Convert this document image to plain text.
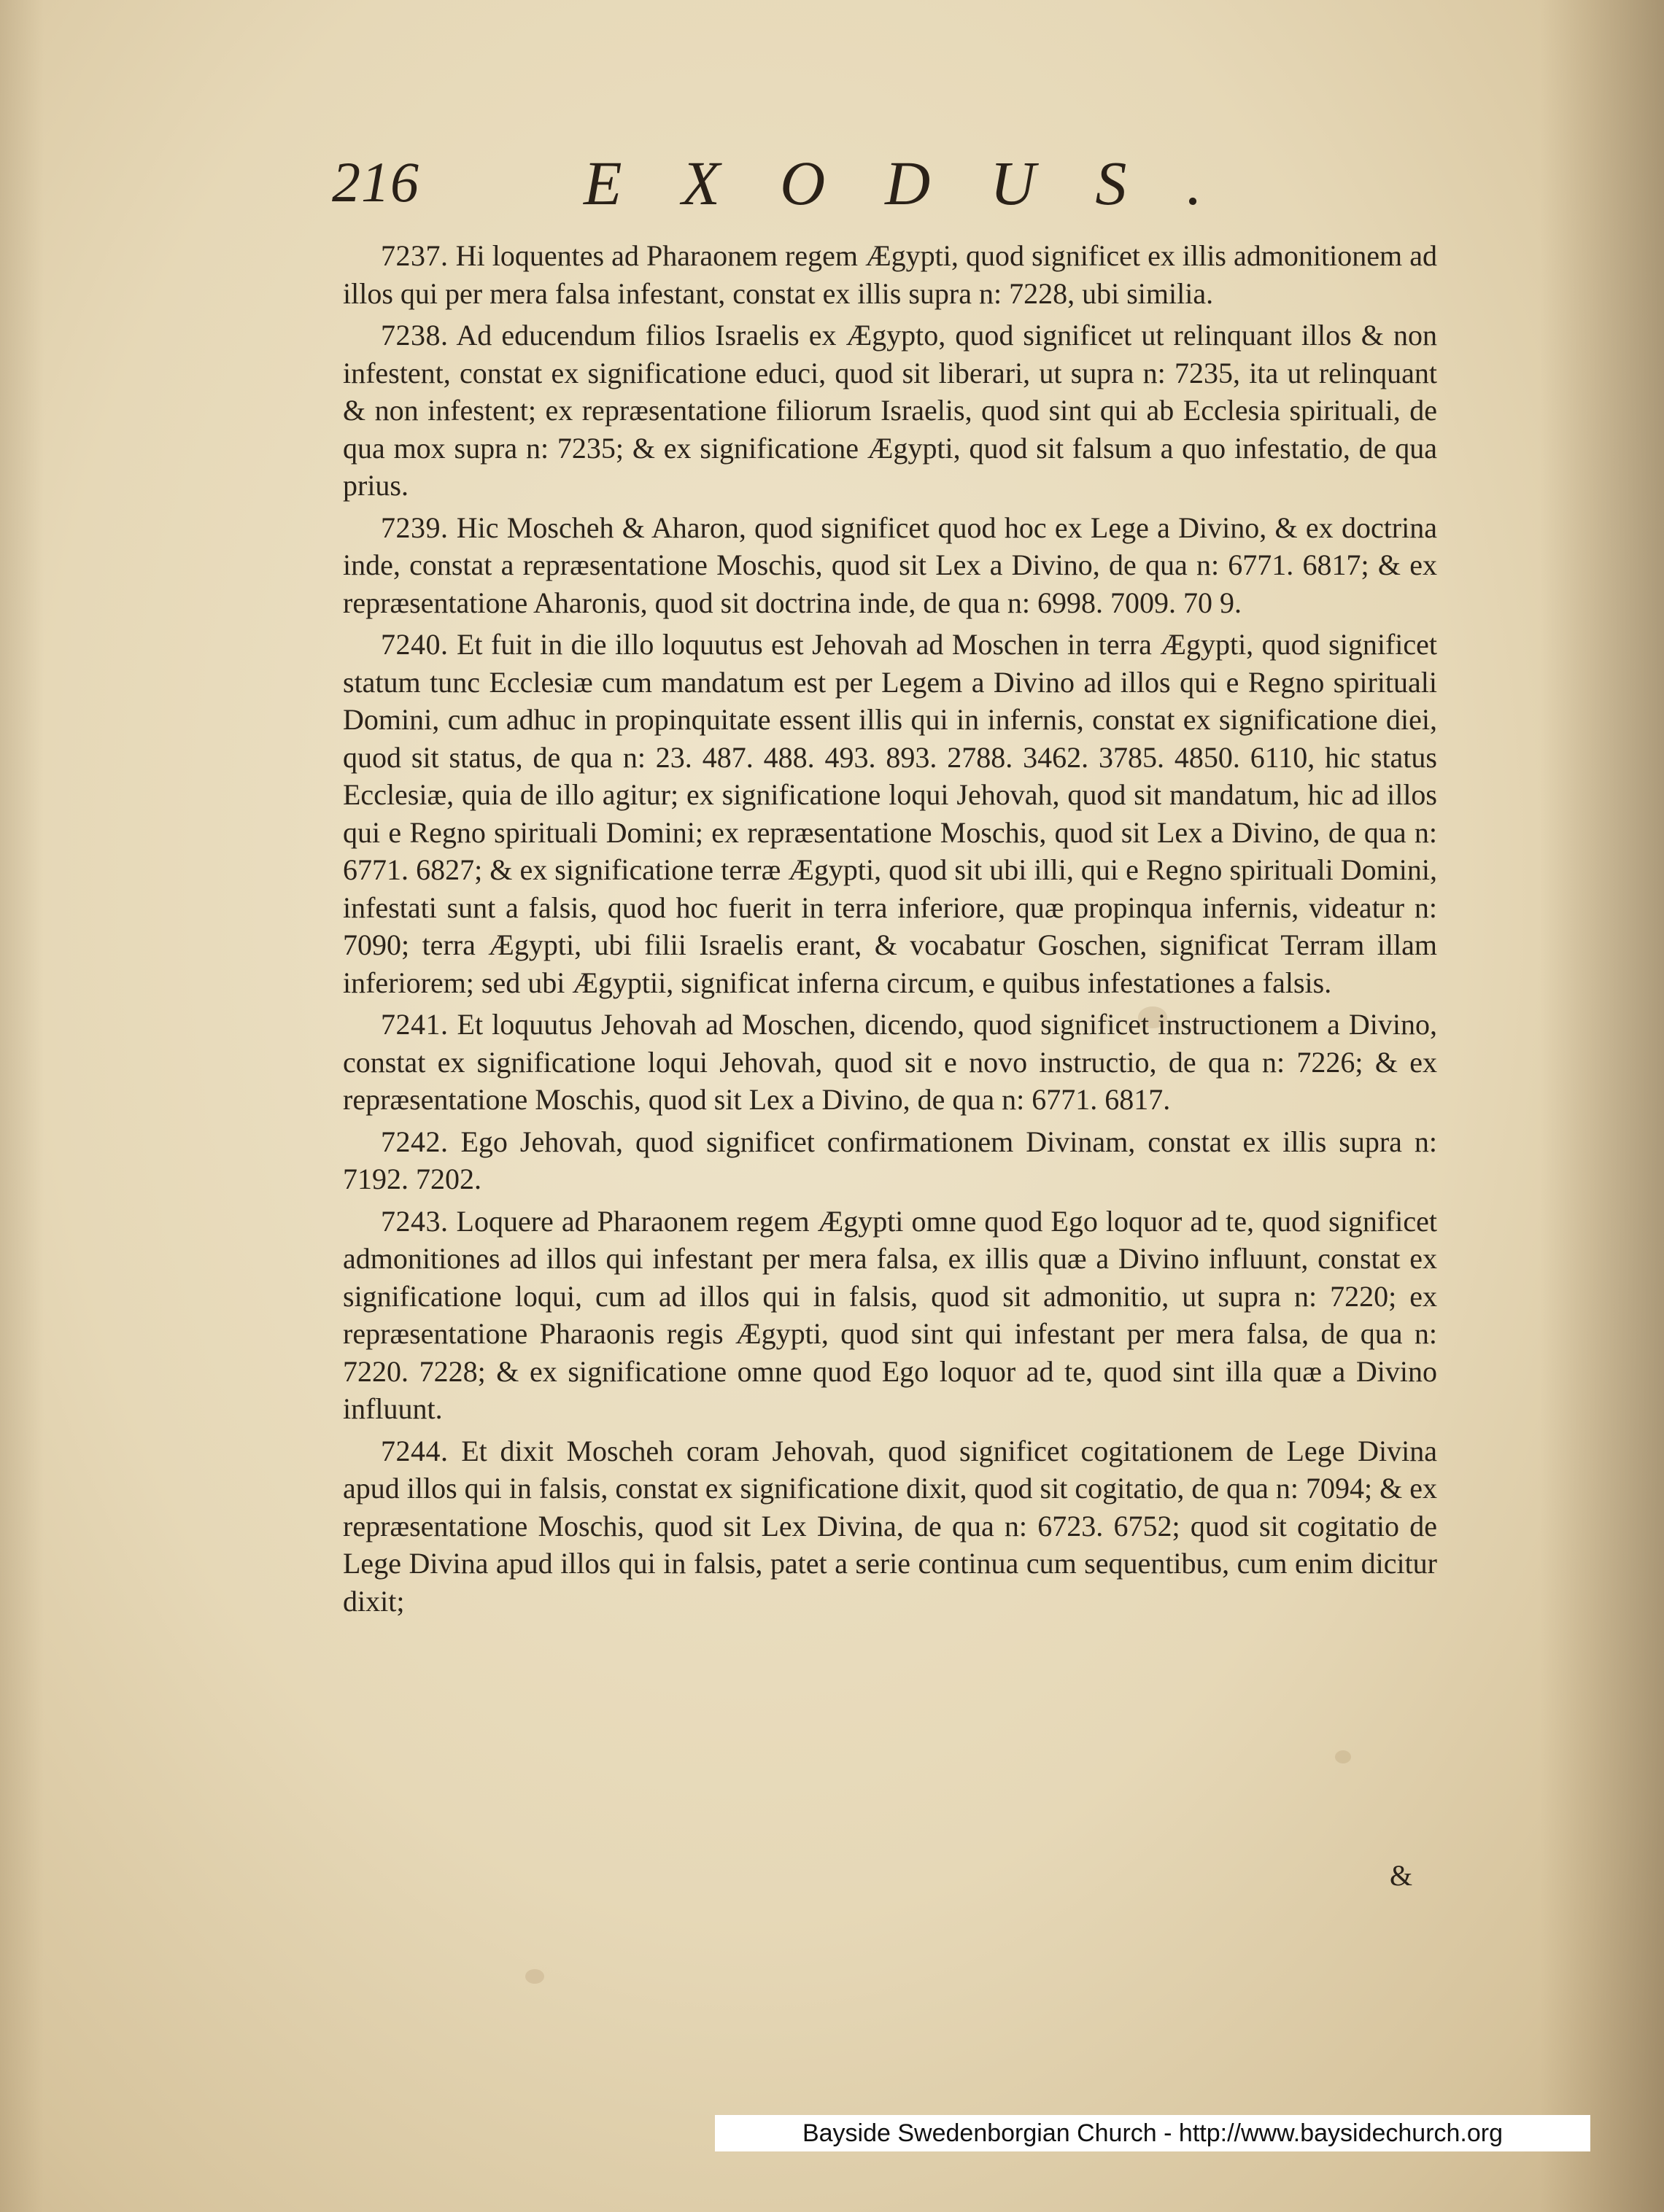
216	EXODUS.

7237. Hi loquentes ad Pharaonem regem Ægypti, quod significet ex illis admonitionem ad illos qui per mera falsa infestant, constat ex illis supra n: 7228, ubi similia.

7238. Ad educendum filios Israelis ex Ægypto, quod significet ut relinquant illos & non infestent, constat ex significatione educi, quod sit liberari, ut supra n: 7235, ita ut relinquant & non infestent; ex repræsentatione filiorum Israelis, quod sint qui ab Ecclesia spirituali, de qua mox supra n: 7235; & ex significatione Ægypti, quod sit falsum a quo infestatio, de qua prius.

7239. Hic Moscheh & Aharon, quod significet quod hoc ex Lege a Divino, & ex doctrina inde, constat a repræsentatione Moschis, quod sit Lex a Divino, de qua n: 6771. 6817; & ex repræsentatione Aharonis, quod sit doctrina inde, de qua n: 6998. 7009. 70 9.

7240. Et fuit in die illo loquutus est Jehovah ad Moschen in terra Ægypti, quod significet statum tunc Ecclesiæ cum mandatum est per Legem a Divino ad illos qui e Regno spirituali Domini, cum adhuc in propinquitate essent illis qui in infernis, constat ex significatione diei, quod sit status, de qua n: 23. 487. 488. 493. 893. 2788. 3462. 3785. 4850. 6110, hic status Ecclesiæ, quia de illo agitur; ex significatione loqui Jehovah, quod sit mandatum, hic ad illos qui e Regno spirituali Domini; ex repræsentatione Moschis, quod sit Lex a Divino, de qua n: 6771. 6827; & ex significatione terræ Ægypti, quod sit ubi illi, qui e Regno spirituali Domini, infestati sunt a falsis, quod hoc fuerit in terra inferiore, quæ propinqua infernis, videatur n: 7090; terra Ægypti, ubi filii Israelis erant, & vocabatur Goschen, significat Terram illam inferiorem; sed ubi Ægyptii, significat inferna circum, e quibus infestationes a falsis.

7241. Et loquutus Jehovah ad Moschen, dicendo, quod significet instructionem a Divino, constat ex significatione loqui Jehovah, quod sit e novo instructio, de qua n: 7226; & ex repræsentatione Moschis, quod sit Lex a Divino, de qua n: 6771. 6817.

7242. Ego Jehovah, quod significet confirmationem Divinam, constat ex illis supra n: 7192. 7202.

7243. Loquere ad Pharaonem regem Ægypti omne quod Ego loquor ad te, quod significet admonitiones ad illos qui infestant per mera falsa, ex illis quæ a Divino influunt, constat ex significatione loqui, cum ad illos qui in falsis, quod sit admonitio, ut supra n: 7220; ex repræsentatione Pharaonis regis Ægypti, quod sint qui infestant per mera falsa, de qua n: 7220. 7228; & ex significatione omne quod Ego loquor ad te, quod sint illa quæ a Divino influunt.

7244. Et dixit Moscheh coram Jehovah, quod significet cogitationem de Lege Divina apud illos qui in falsis, constat ex significatione dixit, quod sit cogitatio, de qua n: 7094; & ex repræsentatione Moschis, quod sit Lex Divina, de qua n: 6723. 6752; quod sit cogitatio de Lege Divina apud illos qui in falsis, patet a serie continua cum sequentibus, cum enim dicitur dixit;

&
Bayside Swedenborgian Church - http://www.baysidechurch.org
